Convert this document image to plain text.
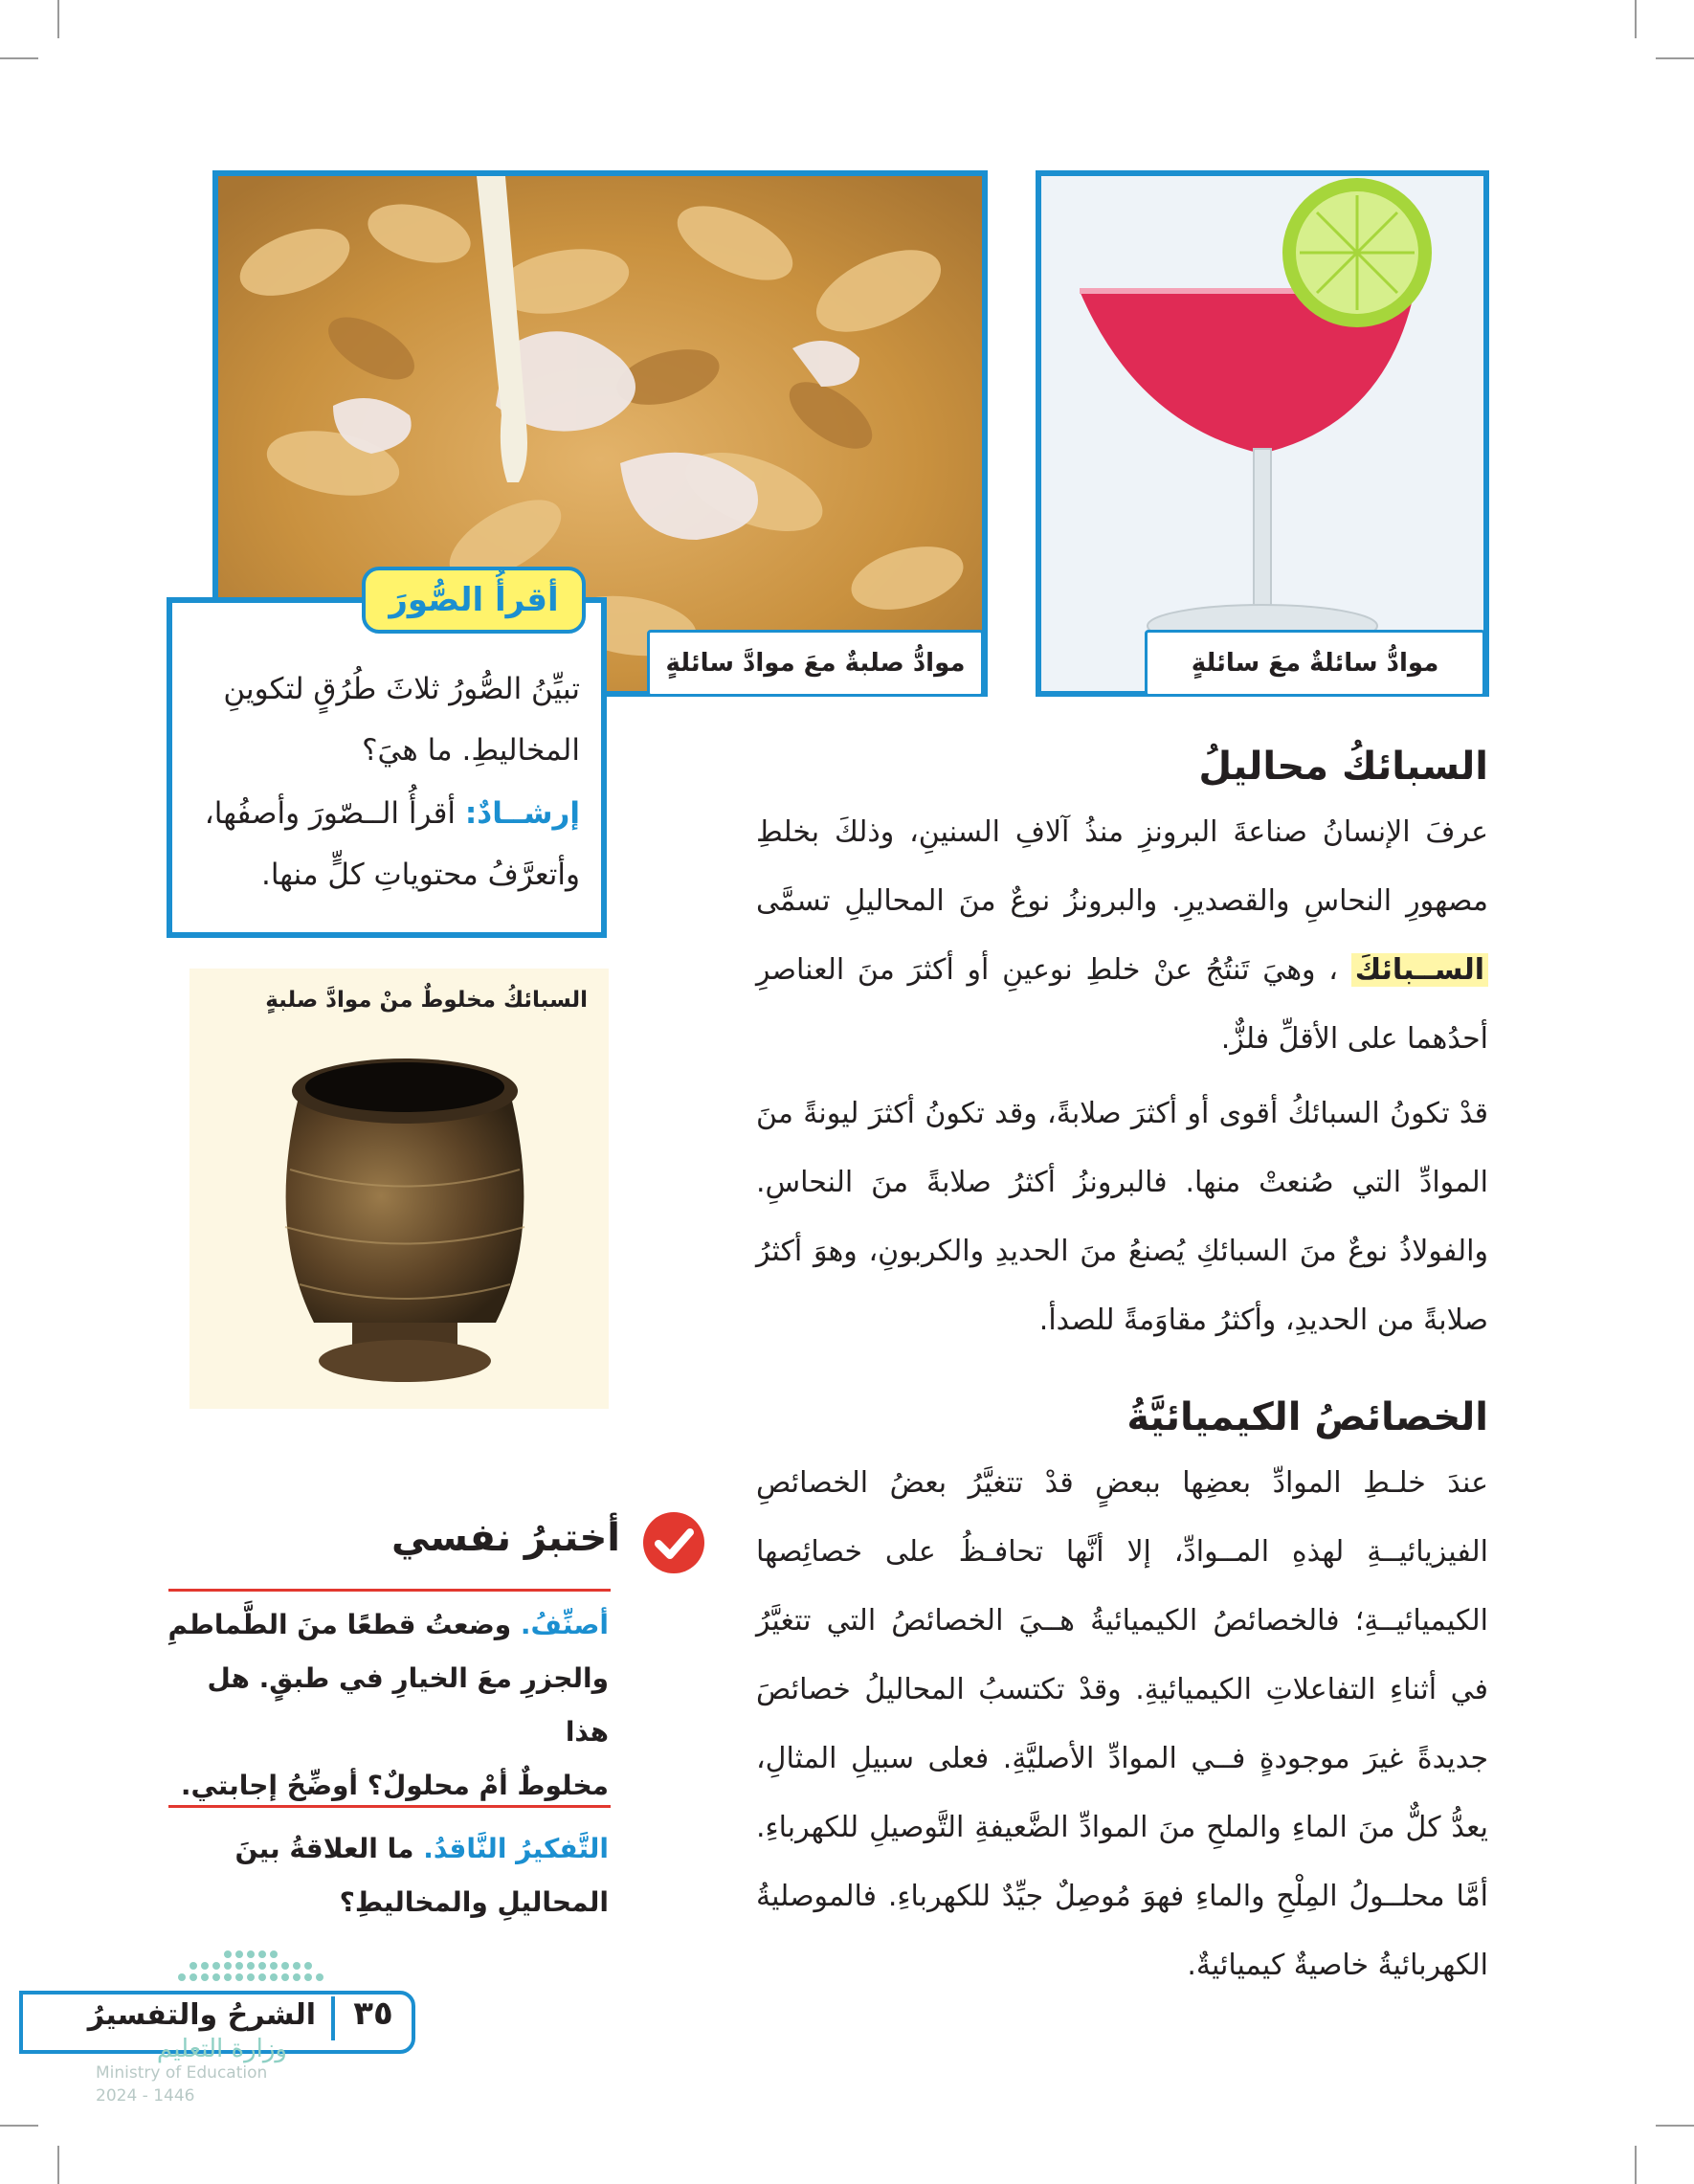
موادُّ صلبةٌ معَ موادَّ سائلةٍ	موادُّ سائلةٌ معَ سائلةٍ
تبيِّنُ الصُّورُ ثلاثَ طُرُقٍ لتكوينِ
المخاليطِ. ما هيَ؟
إرشــادٌ: أقرأُ الــصّورَ وأصفُها،
وأتعرَّفُ محتوياتِ كلٍّ منها.
أقرأُ الصُّورَ
السبائكُ مخلوطٌ منْ موادَّ صلبةٍ
السبائكُ محاليلُ
عرفَ الإنسانُ صناعةَ البرونزِ منذُ آلافِ السنينِ، وذلكَ بخلطِ مصهورِ النحاسِ والقصديرِ. والبرونزُ نوعٌ منَ المحاليلِ تسمَّى الســبائكَ ، وهيَ تَنتُجُ عنْ خلطِ نوعينِ أو أكثرَ منَ العناصرِ أحدُهما على الأقلِّ فلزٌّ.
قدْ تكونُ السبائكُ أقوى أو أكثرَ صلابةً، وقد تكونُ أكثرَ ليونةً منَ الموادِّ التي صُنعتْ منها. فالبرونزُ أكثرُ صلابةً منَ النحاسِ. والفولاذُ نوعٌ منَ السبائكِ يُصنعُ منَ الحديدِ والكربونِ، وهوَ أكثرُ صلابةً من الحديدِ، وأكثرُ مقاوَمةً للصدأ.
الخصائصُ الكيميائيَّةُ
عندَ خلـطِ الموادِّ بعضِها ببعضٍ قدْ تتغيَّرُ بعضُ الخصائصِ الفيزيائيــةِ لهذهِ المــوادِّ، إلا أنَّها تحافـظُ على خصائِصها الكيميائيــةِ؛ فالخصائصُ الكيميائيةُ هــيَ الخصائصُ التي تتغيَّرُ في أثناءِ التفاعلاتِ الكيميائيةِ. وقدْ تكتسبُ المحاليلُ خصائصَ جديدةً غيرَ موجودةٍ فــي الموادِّ الأصليَّةِ. فعلى سبيلِ المثالِ، يعدُّ كلٌّ منَ الماءِ والملحِ منَ الموادِّ الضَّعيفةِ التَّوصيلِ للكهرباءِ. أمَّا محلــولُ المِلْحِ والماءِ فهوَ مُوصِلٌ جيِّدٌ للكهرباءِ. فالموصليةُ الكهربائيةُ خاصيةٌ كيميائيةٌ.
أختبرُ نفسي
أصنِّفُ. وضعتُ قطعًا منَ الطَّماطمِ
والجزرِ معَ الخيارِ في طبقٍ. هل هذا
مخلوطٌ أمْ محلولٌ؟ أوضِّحُ إجابتي.
التَّفكيرُ النَّاقدُ. ما العلاقةُ بينَ
المحاليلِ والمخاليطِ؟
الشرحُ والتفسيرُ ٣٥
وزارة التعليم
Ministry of Education
2024 - 1446
